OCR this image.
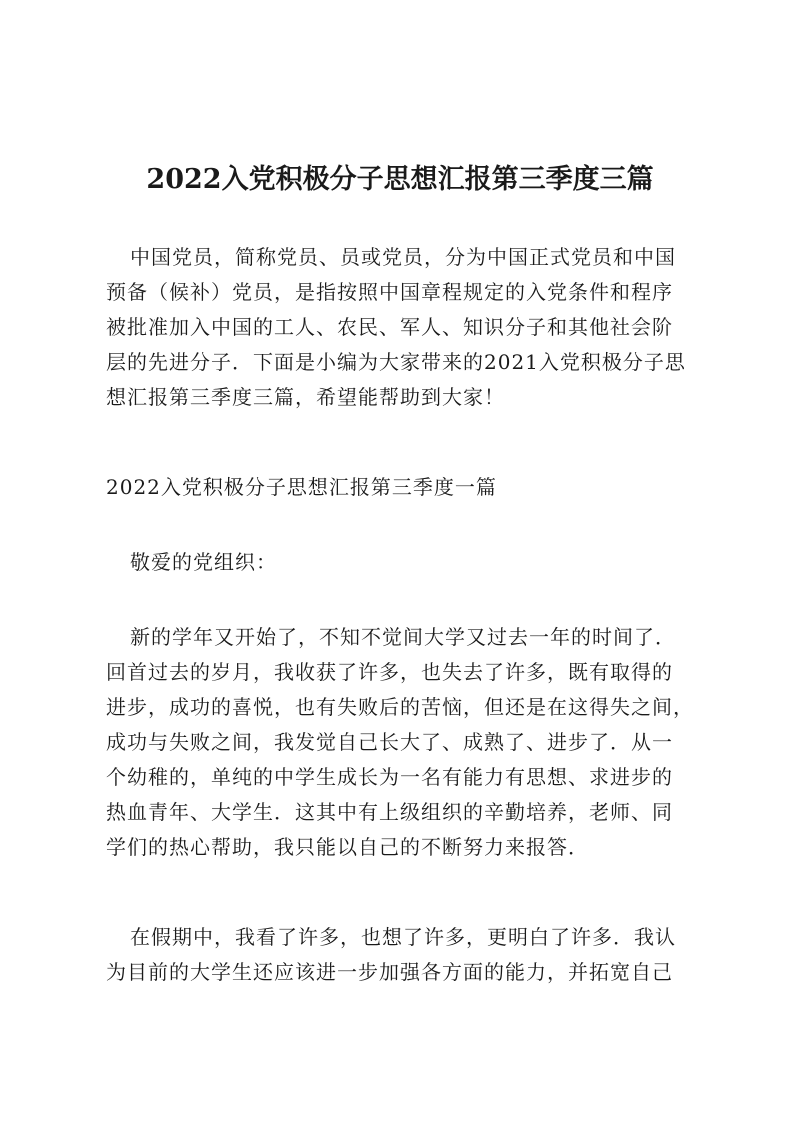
2022入党积极分子思想汇报第三季度三篇
中国党员，简称党员、员或党员，分为中国正式党员和中国
预备（候补）党员，是指按照中国章程规定的入党条件和程序
被批准加入中国的工人、农民、军人、知识分子和其他社会阶
层的先进分子．下面是小编为大家带来的2021入党积极分子思
想汇报第三季度三篇，希望能帮助到大家！
2022入党积极分子思想汇报第三季度一篇
敬爱的党组织：
新的学年又开始了，不知不觉间大学又过去一年的时间了．
回首过去的岁月，我收获了许多，也失去了许多，既有取得的
进步，成功的喜悦，也有失败后的苦恼，但还是在这得失之间，
成功与失败之间，我发觉自己长大了、成熟了、进步了．从一
个幼稚的，单纯的中学生成长为一名有能力有思想、求进步的
热血青年、大学生．这其中有上级组织的辛勤培养，老师、同
学们的热心帮助，我只能以自己的不断努力来报答．
在假期中，我看了许多，也想了许多，更明白了许多．我认
为目前的大学生还应该进一步加强各方面的能力，并拓宽自己
